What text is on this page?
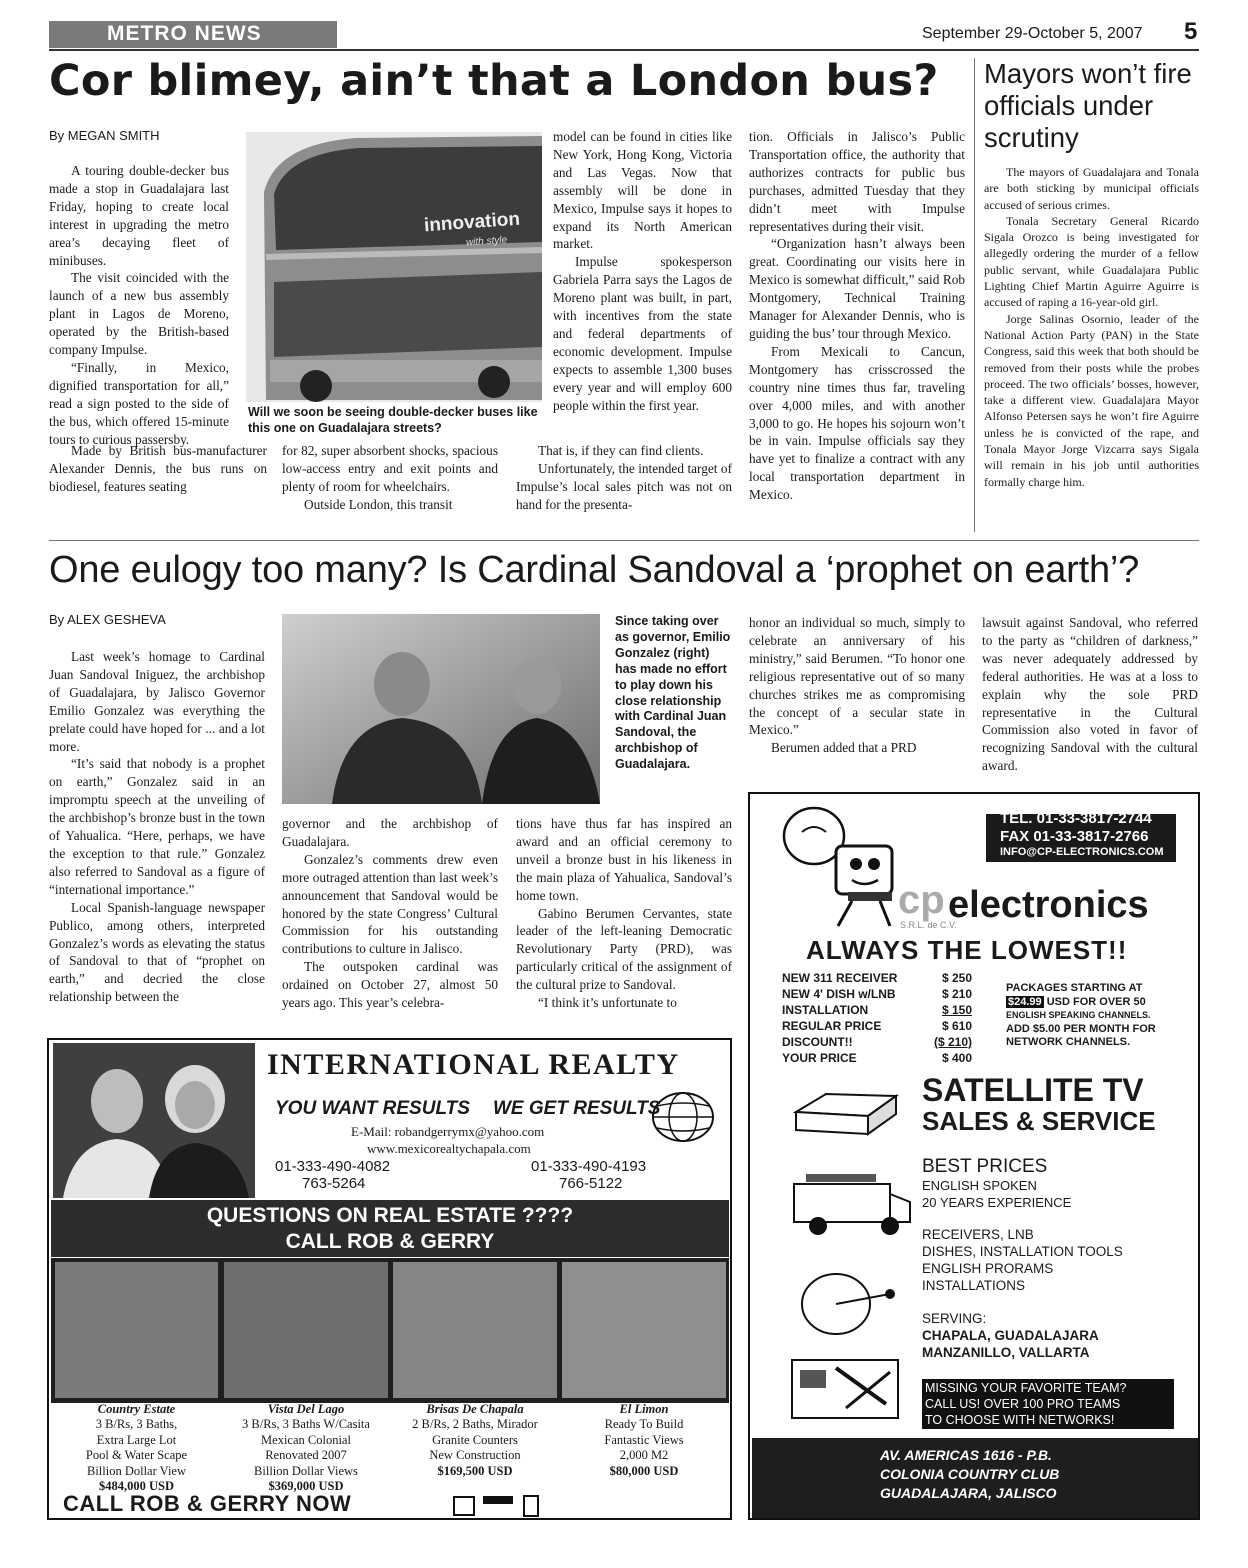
METRO NEWS	September 29-October 5, 2007 5
Cor blimey, ain’t that a London bus?
By MEGAN SMITH
innovation
with style
Will we soon be seeing double-decker buses like this one on Guadalajara streets?

A touring double-decker bus made a stop in Guadalajara last Friday, hoping to create local interest in upgrading the metro area’s decaying fleet of minibuses.

The visit coincided with the launch of a new bus assembly plant in Lagos de Moreno, operated by the British-based company Impulse.

“Finally, in Mexico, dignified transportation for all,” read a sign posted to the side of the bus, which offered 15-minute tours to curious passersby.

Made by British bus-manufacturer Alexander Dennis, the bus runs on biodiesel, features seating

for 82, super absorbent shocks, spacious low-access entry and exit points and plenty of room for wheelchairs.

Outside London, this transit

model can be found in cities like New York, Hong Kong, Victoria and Las Vegas. Now that assembly will be done in Mexico, Impulse says it hopes to expand its North American market.

Impulse spokesperson Gabriela Parra says the Lagos de Moreno plant was built, in part, with incentives from the state and federal departments of economic development. Impulse expects to assemble 1,300 buses every year and will employ 600 people within the first year.

That is, if they can find clients.

Unfortunately, the intended target of Impulse’s local sales pitch was not on hand for the presenta-

tion. Officials in Jalisco’s Public Transportation office, the authority that authorizes contracts for public bus purchases, admitted Tuesday that they didn’t meet with Impulse representatives during their visit.

“Organization hasn’t always been great. Coordinating our visits here in Mexico is somewhat difficult,” said Rob Montgomery, Technical Training Manager for Alexander Dennis, who is guiding the bus’ tour through Mexico.

From Mexicali to Cancun, Montgomery has crisscrossed the country nine times thus far, traveling over 4,000 miles, and with another 3,000 to go. He hopes his sojourn won’t be in vain. Impulse officials say they have yet to finalize a contract with any local transportation department in Mexico.

Mayors won’t fire officials under scrutiny

The mayors of Guadalajara and Tonala are both sticking by municipal officials accused of serious crimes.

Tonala Secretary General Ricardo Sigala Orozco is being investigated for allegedly ordering the murder of a fellow public servant, while Guadalajara Public Lighting Chief Martin Aguirre Aguirre is accused of raping a 16-year-old girl.

Jorge Salinas Osornio, leader of the National Action Party (PAN) in the State Congress, said this week that both should be removed from their posts while the probes proceed. The two officials’ bosses, however, take a different view. Guadalajara Mayor Alfonso Petersen says he won’t fire Aguirre unless he is convicted of the rape, and Tonala Mayor Jorge Vizcarra says Sigala will remain in his job until authorities formally charge him.

One eulogy too many? Is Cardinal Sandoval a ‘prophet on earth’?
By ALEX GESHEVA	Since taking over as governor, Emilio Gonzalez (right) has made no effort to play down his close relationship with Cardinal Juan Sandoval, the archbishop of Guadalajara.

Last week’s homage to Cardinal Juan Sandoval Iniguez, the archbishop of Guadalajara, by Jalisco Governor Emilio Gonzalez was everything the prelate could have hoped for ... and a lot more.

“It’s said that nobody is a prophet on earth,” Gonzalez said in an impromptu speech at the unveiling of the archbishop’s bronze bust in the town of Yahualica. “Here, perhaps, we have the exception to that rule.” Gonzalez also referred to Sandoval as a figure of “international importance.”

Local Spanish-language newspaper Publico, among others, interpreted Gonzalez’s words as elevating the status of Sandoval to that of “prophet on earth,” and decried the close relationship between the

governor and the archbishop of Guadalajara.

Gonzalez’s comments drew even more outraged attention than last week’s announcement that Sandoval would be honored by the state Congress’ Cultural Commission for his outstanding contributions to culture in Jalisco.

The outspoken cardinal was ordained on October 27, almost 50 years ago. This year’s celebra-

tions have thus far has inspired an award and an official ceremony to unveil a bronze bust in his likeness in the main plaza of Yahualica, Sandoval’s home town.

Gabino Berumen Cervantes, state leader of the left-leaning Democratic Revolutionary Party (PRD), was particularly critical of the assignment of the cultural prize to Sandoval.

“I think it’s unfortunate to

honor an individual so much, simply to celebrate an anniversary of his ministry,” said Berumen. “To honor one religious representative out of so many churches strikes me as compromising the concept of a secular state in Mexico.”

Berumen added that a PRD

lawsuit against Sandoval, who referred to the party as “children of darkness,” was never adequately addressed by federal authorities. He was at a loss to explain why the sole PRD representative in the Cultural Commission also voted in favor of recognizing Sandoval with the cultural award.

INTERNATIONAL REALTY
YOU WANT RESULTS WE GET RESULTS
E-Mail: robandgerrymx@yahoo.com
www.mexicorealtychapala.com
01-333-490-4082
763-5264
01-333-490-4193
766-5122
QUESTIONS ON REAL ESTATE ????
CALL ROB & GERRY
Country Estate
3 B/Rs, 3 Baths,
Extra Large Lot
Pool & Water Scape
Billion Dollar View
$484,000 USD
Vista Del Lago
3 B/Rs, 3 Baths W/Casita
Mexican Colonial
Renovated 2007
Billion Dollar Views
$369,000 USD
Brisas De Chapala
2 B/Rs, 2 Baths, Mirador
Granite Counters
New Construction
$169,500 USD
El Limon
Ready To Build
Fantastic Views
2,000 M2
$80,000 USD
CALL ROB & GERRY NOW
TEL. 01-33-3817-2744
FAX 01-33-3817-2766
INFO@CP-ELECTRONICS.COM
cp electronics
S.R.L. de C.V.
ALWAYS THE LOWEST!!
NEW 311 RECEIVER	$ 250
NEW 4' DISH w/LNB	$ 210
INSTALLATION	$ 150
REGULAR PRICE	$ 610
DISCOUNT!!	($ 210)
YOUR PRICE	$ 400
PACKAGES STARTING AT
$24.99 USD FOR OVER 50
ENGLISH SPEAKING CHANNELS.
ADD $5.00 PER MONTH FOR
NETWORK CHANNELS.
SATELLITE TV
SALES & SERVICE
BEST PRICES
ENGLISH SPOKEN
20 YEARS EXPERIENCE
RECEIVERS, LNB
DISHES, INSTALLATION TOOLS
ENGLISH PRORAMS
INSTALLATIONS
SERVING:
CHAPALA, GUADALAJARA
MANZANILLO, VALLARTA
MISSING YOUR FAVORITE TEAM?
CALL US! OVER 100 PRO TEAMS
TO CHOOSE WITH NETWORKS!
AV. AMERICAS 1616 - P.B.
COLONIA COUNTRY CLUB
GUADALAJARA, JALISCO
